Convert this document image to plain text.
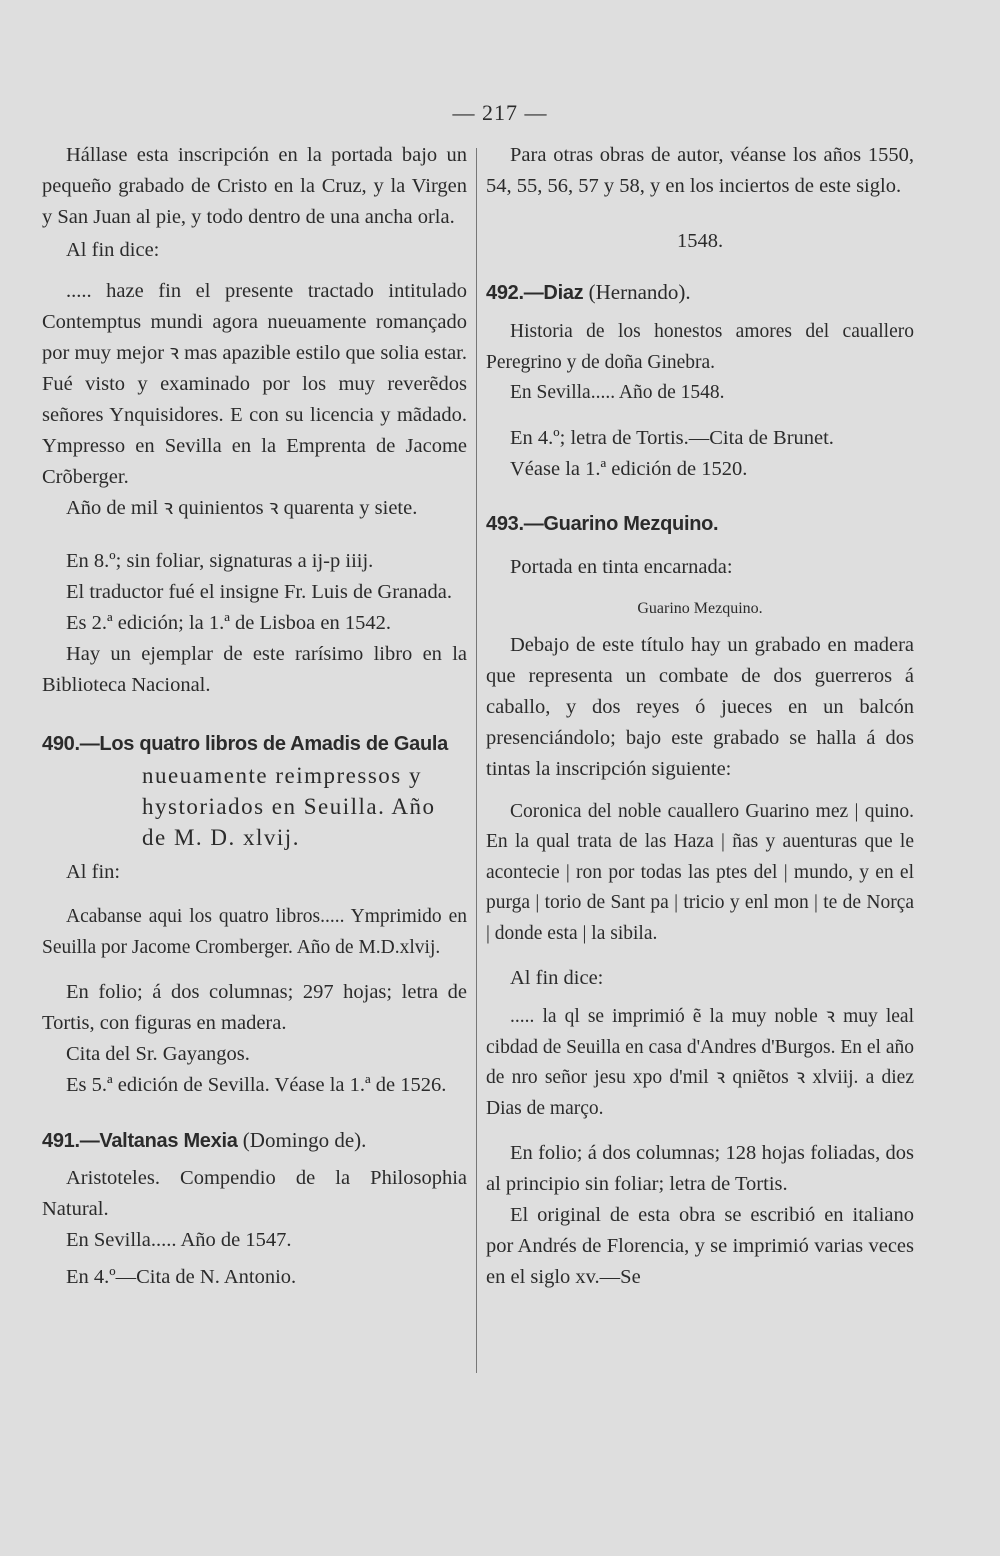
— 217 —

Hállase esta inscripción en la portada bajo un pequeño grabado de Cristo en la Cruz, y la Virgen y San Juan al pie, y todo dentro de una ancha orla.

Al fin dice:

..... haze fin el presente tractado intitulado Contemptus mundi agora nueuamente romançado por muy mejor ꝛ mas apazible estilo que solia estar. Fué visto y examinado por los muy reverẽdos señores Ynquisidores. E con su licencia y mãdado. Ympresso en Sevilla en la Emprenta de Jacome Crõberger.

Año de mil ꝛ quinientos ꝛ quarenta y siete.

En 8.º; sin foliar, signaturas a ij-p iiij.

El traductor fué el insigne Fr. Luis de Granada.

Es 2.ª edición; la 1.ª de Lisboa en 1542.

Hay un ejemplar de este rarísimo libro en la Biblioteca Nacional.

490.—Los quatro libros de Amadis de Gaula

nueuamente reimpressos y hystoriados en Seuilla. Año de M. D. xlvij.

Al fin:

Acabanse aqui los quatro libros..... Ymprimido en Seuilla por Jacome Cromberger. Año de M.D.xlvij.

En folio; á dos columnas; 297 hojas; letra de Tortis, con figuras en madera.

Cita del Sr. Gayangos.

Es 5.ª edición de Sevilla. Véase la 1.ª de 1526.

491.—Valtanas Mexia (Domingo de).

Aristoteles. Compendio de la Philosophia Natural.

En Sevilla..... Año de 1547.

En 4.º—Cita de N. Antonio.

Para otras obras de autor, véanse los años 1550, 54, 55, 56, 57 y 58, y en los inciertos de este siglo.

1548.

492.—Diaz (Hernando).

Historia de los honestos amores del cauallero Peregrino y de doña Ginebra.

En Sevilla..... Año de 1548.

En 4.º; letra de Tortis.—Cita de Brunet.

Véase la 1.ª edición de 1520.

493.—Guarino Mezquino.

Portada en tinta encarnada:

Guarino Mezquino.

Debajo de este título hay un grabado en madera que representa un combate de dos guerreros á caballo, y dos reyes ó jueces en un balcón presenciándolo; bajo este grabado se halla á dos tintas la inscripción siguiente:

Coronica del noble cauallero Guarino mez | quino. En la qual trata de las Haza | ñas y auenturas que le acontecie | ron por todas las ptes del | mundo, y en el purga | torio de Sant pa | tricio y enl mon | te de Norça | donde esta | la sibila.

Al fin dice:

..... la ql se imprimió ẽ la muy noble ꝛ muy leal cibdad de Seuilla en casa d'Andres d'Burgos. En el año de nro señor jesu xpo d'mil ꝛ qniẽtos ꝛ xlviij. a diez Dias de março.

En folio; á dos columnas; 128 hojas foliadas, dos al principio sin foliar; letra de Tortis.

El original de esta obra se escribió en italiano por Andrés de Florencia, y se imprimió varias veces en el siglo xv.—Se
